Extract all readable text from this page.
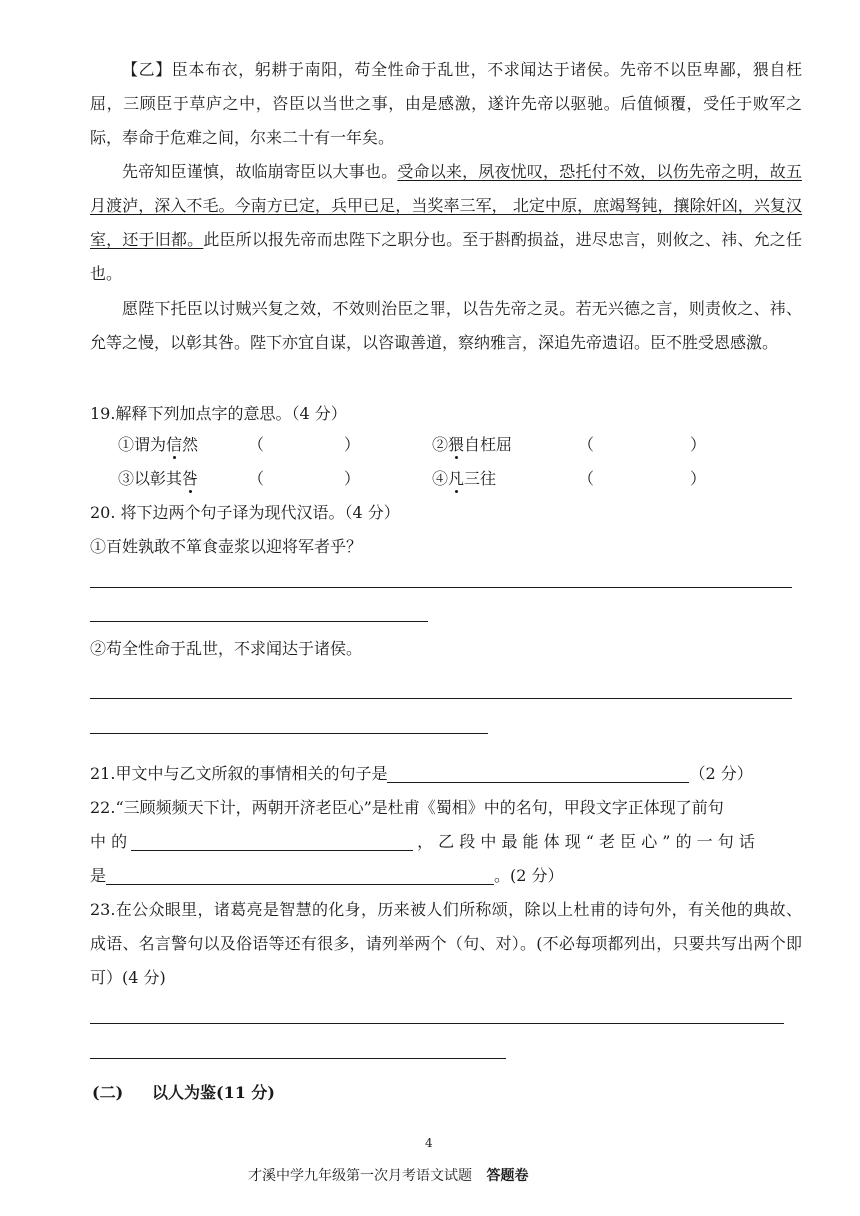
【乙】臣本布衣，躬耕于南阳，苟全性命于乱世，不求闻达于诸侯。先帝不以臣卑鄙，猥自枉屈，三顾臣于草庐之中，咨臣以当世之事，由是感激，遂许先帝以驱驰。后值倾覆，受任于败军之际，奉命于危难之间，尔来二十有一年矣。
先帝知臣谨慎，故临崩寄臣以大事也。受命以来，夙夜忧叹，恐托付不效，以伤先帝之明，故五月渡泸，深入不毛。今南方已定，兵甲已足，当奖率三军， 北定中原，庶竭驽钝，攘除奸凶，兴复汉室，还于旧都。此臣所以报先帝而忠陛下之职分也。至于斟酌损益，进尽忠言，则攸之、祎、允之任也。
愿陛下托臣以讨贼兴复之效，不效则治臣之罪，以告先帝之灵。若无兴德之言，则责攸之、祎、允等之慢，以彰其咎。陛下亦宜自谋，以咨诹善道，察纳雅言，深追先帝遗诏。臣不胜受恩感激。
19.解释下列加点字的意思。（4 分）
①谓为信然	（　　　　　）	②猥自枉屈	（　　　　　　）
③以彰其咎	（　　　　　）	④凡三往	（　　　　　　）
20. 将下边两个句子译为现代汉语。（4 分）
①百姓孰敢不箪食壶浆以迎将军者乎？
②苟全性命于乱世，不求闻达于诸侯。
21.甲文中与乙文所叙的事情相关的句子是	（2 分）
22.“三顾频频天下计，两朝开济老臣心”是杜甫《蜀相》中的名句，甲段文字正体现了前句
中 的	， 乙 段 中 最 能 体 现 “ 老 臣 心 ” 的 一 句 话
是	。(2 分）
23.在公众眼里，诸葛亮是智慧的化身，历来被人们所称颂，除以上杜甫的诗句外，有关他的典故、成语、名言警句以及俗语等还有很多，请列举两个（句、对）。(不必每项都列出，只要共写出两个即可）(4 分)
(二) 以人为鉴(11 分)
4
才溪中学九年级第一次月考语文试题 答题卷
